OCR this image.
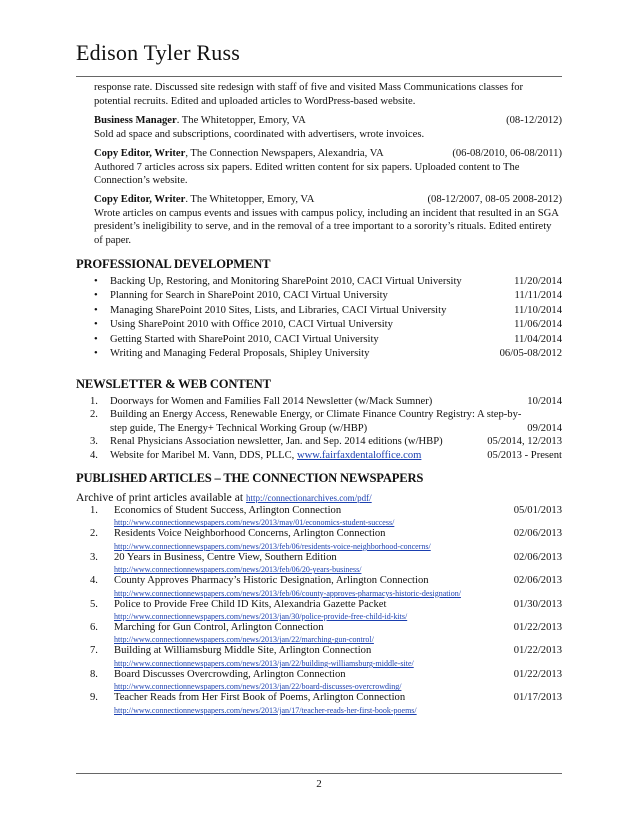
Edison Tyler Russ
response rate. Discussed site redesign with staff of five and visited Mass Communications classes for potential recruits. Edited and uploaded articles to WordPress-based website.
Business Manager. The Whitetopper, Emory, VA	(08-12/2012)
Sold ad space and subscriptions, coordinated with advertisers, wrote invoices.
Copy Editor, Writer, The Connection Newspapers, Alexandria, VA	(06-08/2010, 06-08/2011)
Authored 7 articles across six papers. Edited written content for six papers. Uploaded content to The Connection’s website.
Copy Editor, Writer. The Whitetopper, Emory, VA	(08-12/2007, 08-05 2008-2012)
Wrote articles on campus events and issues with campus policy, including an incident that resulted in an SGA president’s ineligibility to serve, and in the removal of a tree important to a sorority’s rituals. Edited entirety of paper.
PROFESSIONAL DEVELOPMENT
• Backing Up, Restoring, and Monitoring SharePoint 2010, CACI Virtual University	11/20/2014
• Planning for Search in SharePoint 2010, CACI Virtual University	11/11/2014
• Managing SharePoint 2010 Sites, Lists, and Libraries, CACI Virtual University	11/10/2014
• Using SharePoint 2010 with Office 2010, CACI Virtual University	11/06/2014
• Getting Started with SharePoint 2010, CACI Virtual University	11/04/2014
• Writing and Managing Federal Proposals, Shipley University	06/05-08/2012
NEWSLETTER & WEB CONTENT
1.	Doorways for Women and Families Fall 2014 Newsletter (w/Mack Sumner)	10/2014
2.	Building an Energy Access, Renewable Energy, or Climate Finance Country Registry: A step-by-
step guide, The Energy+ Technical Working Group (w/HBP)	09/2014
3.	Renal Physicians Association newsletter, Jan. and Sep. 2014 editions (w/HBP)	05/2014, 12/2013
4.	Website for Maribel M. Vann, DDS, PLLC, www.fairfaxdentaloffice.com	05/2013 - Present
PUBLISHED ARTICLES – THE CONNECTION NEWSPAPERS
Archive of print articles available at http://connectionarchives.com/pdf/
1.	Economics of Student Success, Arlington Connection	05/01/2013
http://www.connectionnewspapers.com/news/2013/may/01/economics-student-success/
2.	Residents Voice Neighborhood Concerns, Arlington Connection	02/06/2013
http://www.connectionnewspapers.com/news/2013/feb/06/residents-voice-neighborhood-concerns/
3.	20 Years in Business, Centre View, Southern Edition	02/06/2013
http://www.connectionnewspapers.com/news/2013/feb/06/20-years-business/
4.	County Approves Pharmacy’s Historic Designation, Arlington Connection	02/06/2013
http://www.connectionnewspapers.com/news/2013/feb/06/county-approves-pharmacys-historic-designation/
5.	Police to Provide Free Child ID Kits, Alexandria Gazette Packet	01/30/2013
http://www.connectionnewspapers.com/news/2013/jan/30/police-provide-free-child-id-kits/
6.	Marching for Gun Control, Arlington Connection	01/22/2013
http://www.connectionnewspapers.com/news/2013/jan/22/marching-gun-control/
7.	Building at Williamsburg Middle Site, Arlington Connection	01/22/2013
http://www.connectionnewspapers.com/news/2013/jan/22/building-williamsburg-middle-site/
8.	Board Discusses Overcrowding, Arlington Connection	01/22/2013
http://www.connectionnewspapers.com/news/2013/jan/22/board-discusses-overcrowding/
9.	Teacher Reads from Her First Book of Poems, Arlington Connection	01/17/2013
http://www.connectionnewspapers.com/news/2013/jan/17/teacher-reads-her-first-book-poems/
2
